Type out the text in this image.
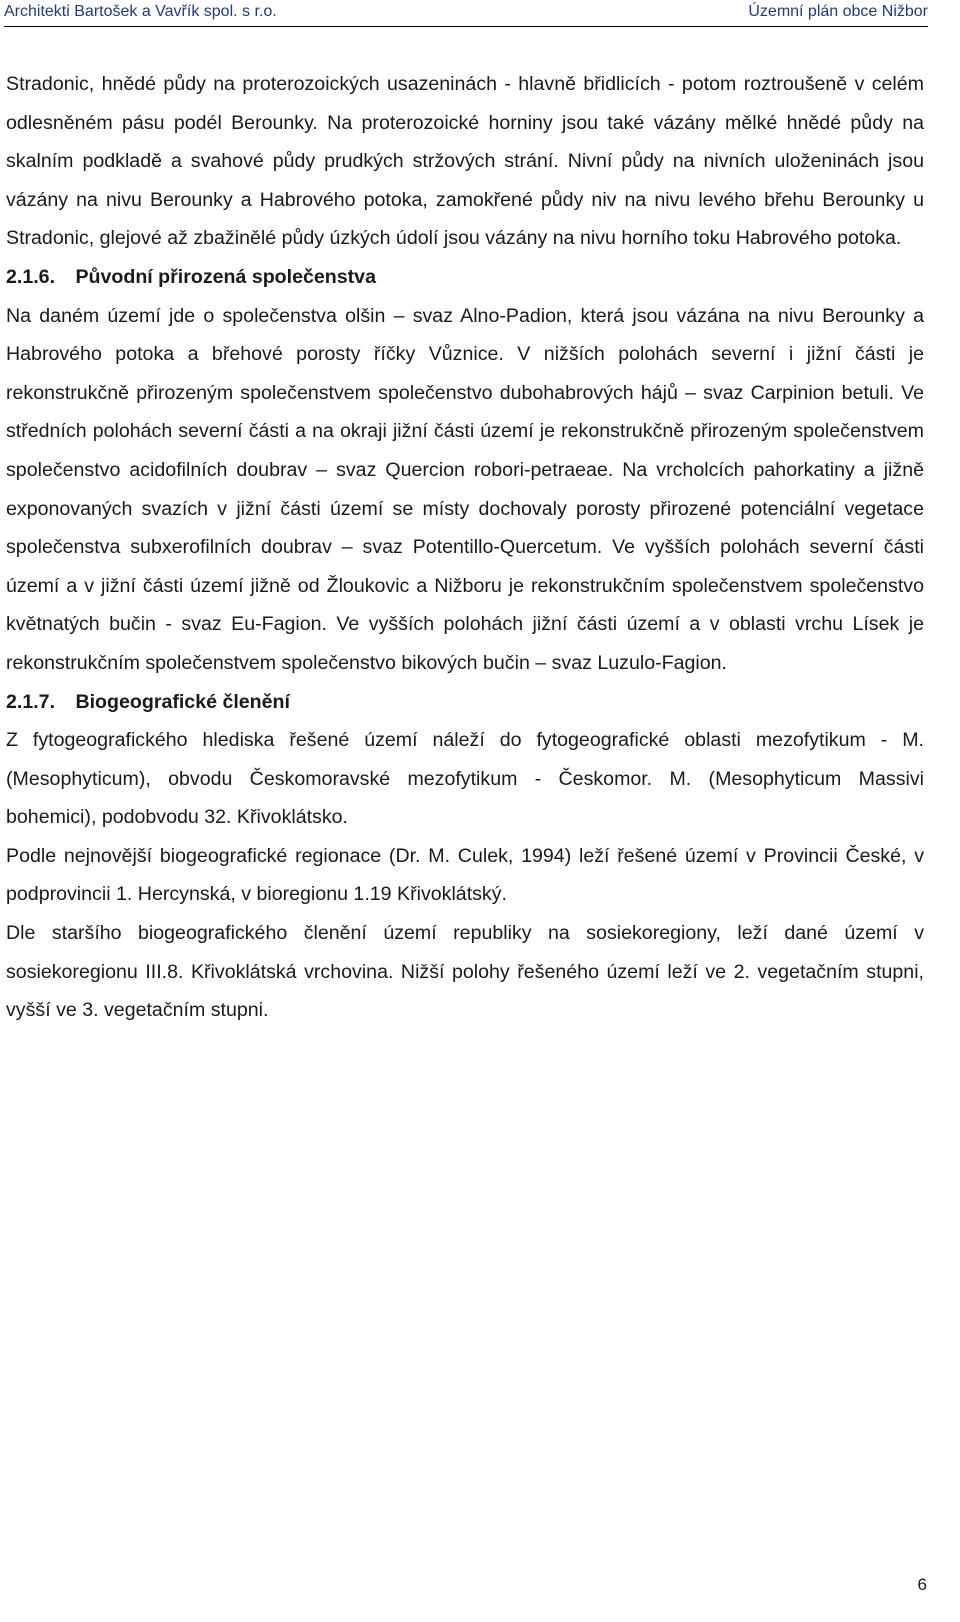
Architekti Bartošek a Vavřík spol. s r.o.	Územní plán obce Nižbor

Stradonic, hnědé půdy na proterozoických usazeninách - hlavně břidlicích - potom roztroušeně v celém odlesněném pásu podél Berounky. Na proterozoické horniny jsou také vázány mělké hnědé půdy na skalním podkladě a svahové půdy prudkých stržových strání. Nivní půdy na nivních uloženinách jsou vázány na nivu Berounky a Habrového potoka, zamokřené půdy niv na nivu levého břehu Berounky u Stradonic, glejové až zbažinělé půdy úzkých údolí jsou vázány na nivu horního toku Habrového potoka.

2.1.6. Původní přirozená společenstva

Na daném území jde o společenstva olšin – svaz Alno-Padion, která jsou vázána na nivu Berounky a Habrového potoka a břehové porosty říčky Vůznice. V nižších polohách severní i jižní části je rekonstrukčně přirozeným společenstvem společenstvo dubohabrových hájů – svaz Carpinion betuli. Ve středních polohách severní části a na okraji jižní části území je rekonstrukčně přirozeným společenstvem společenstvo acidofilních doubrav – svaz Quercion robori-petraeae. Na vrcholcích pahorkatiny a jižně exponovaných svazích v jižní části území se místy dochovaly porosty přirozené potenciální vegetace společenstva subxerofilních doubrav – svaz Potentillo-Quercetum. Ve vyšších polohách severní části území a v jižní části území jižně od Žloukovic a Nižboru je rekonstrukčním společenstvem společenstvo květnatých bučin - svaz Eu-Fagion. Ve vyšších polohách jižní části území a v oblasti vrchu Lísek je rekonstrukčním společenstvem společenstvo bikových bučin – svaz Luzulo-Fagion.

2.1.7. Biogeografické členění

Z fytogeografického hlediska řešené území náleží do fytogeografické oblasti mezofytikum - M. (Mesophyticum), obvodu Českomoravské mezofytikum - Českomor. M. (Mesophyticum Massivi bohemici), podobvodu 32. Křivoklátsko.

Podle nejnovější biogeografické regionace (Dr. M. Culek, 1994) leží řešené území v Provincii České, v podprovincii 1. Hercynská, v bioregionu 1.19 Křivoklátský.

Dle staršího biogeografického členění území republiky na sosiekoregiony, leží dané území v sosiekoregionu III.8. Křivoklátská vrchovina. Nižší polohy řešeného území leží ve 2. vegetačním stupni, vyšší ve 3. vegetačním stupni.

6
